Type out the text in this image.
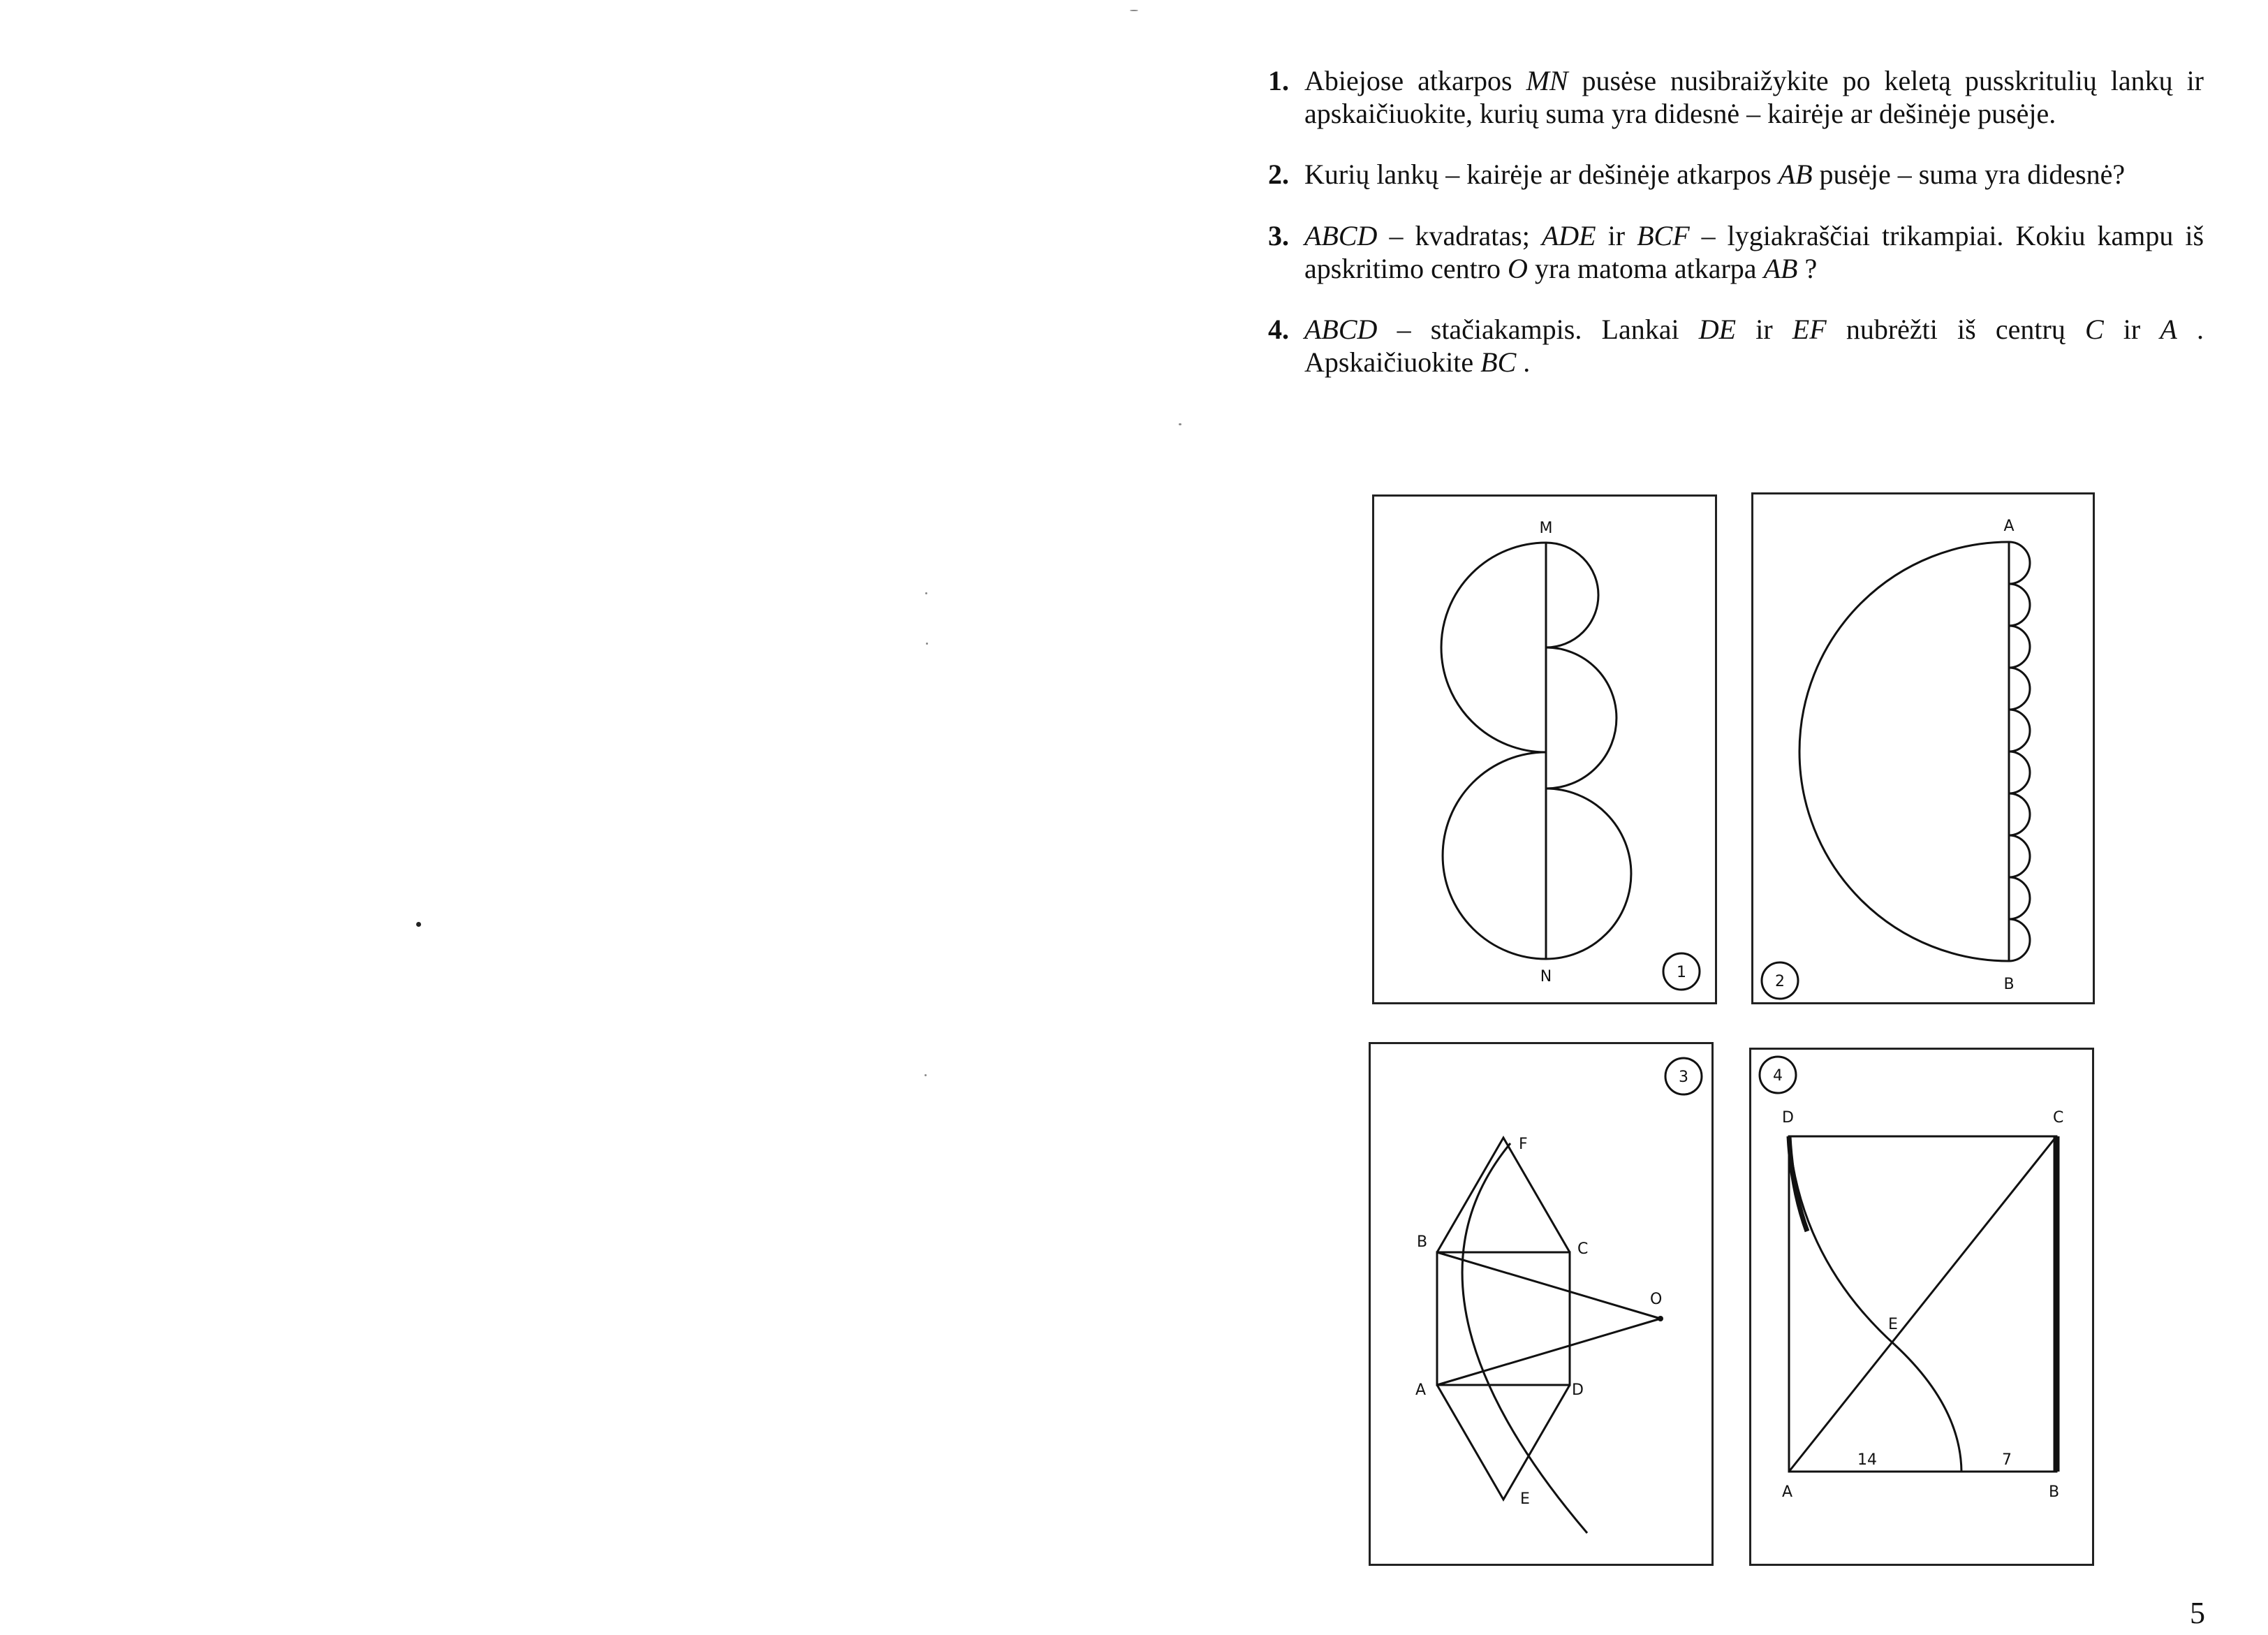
1. Abiejose atkarpos MN pusėse nusibraižykite po keletą pusskritulių lankų ir apskaičiuokite, kurių suma yra didesnė – kairėje ar dešinėje pusėje.
2. Kurių lankų – kairėje ar dešinėje atkarpos AB pusėje – suma yra didesnė?
3. ABCD – kvadratas; ADE ir BCF – lygiakraščiai trikampiai. Kokiu kampu iš apskritimo centro O yra matoma atkarpa AB ?
4. ABCD – stačiakampis. Lankai DE ir EF nubrėžti iš centrų C ir A . Apskaičiuokite BC .
M
N	1
A
B
2
F
B	C
O
A	D
E
3
D	C
E
A	B
14	7
4
5
